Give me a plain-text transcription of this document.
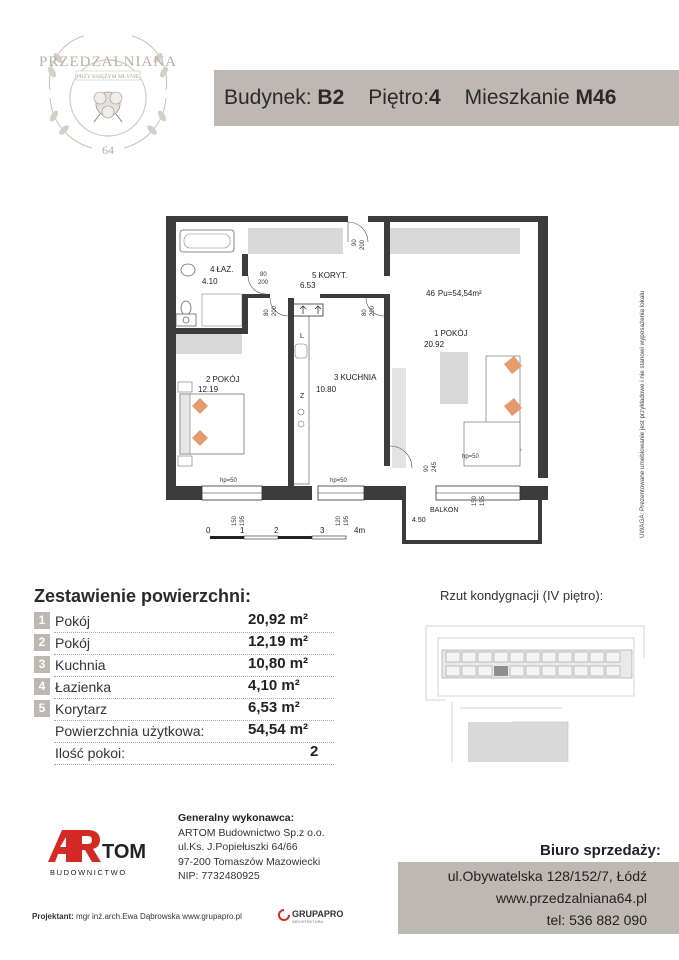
PRZEDZALNIANA
PRZY KSIĘŻYM MŁYNIE
64
Budynek: B2 Piętro:4 Mieszkanie M46
4 ŁAZ.
4.10
5 KORYT.
6.53
2 POKÓJ
12.19
3 KUCHNIA
10.80
1 POKÓJ
20.92
46 Pu=54,54m²
BALKON
4.50
L
Z
90 200
80
200
80 200	80 200
90 245
hp=50	hp=50
hp=50
150 195	120 195
150 195
0	1	2	3	4m	UWAGA: Prezentowane umeblowanie jest przykładowe i nie stanowi wyposażenia lokalu
Zestawienie powierzchni:
1 Pokój	20,92 m²
2 Pokój	12,19 m²
3 Kuchnia	10,80 m²
4 Łazienka	4,10 m²
5 Korytarz	6,53 m²
Powierzchnia użytkowa:	54,54 m²
Ilość pokoi:	2
Rzut kondygnacji (IV piętro):
TOM
BUDOWNICTWO
Generalny wykonawca:
ARTOM Budownictwo Sp.z o.o.
ul.Ks. J.Popiełuszki 64/66
97-200 Tomaszów Mazowiecki
NIP: 7732480925
Biuro sprzedaży:
ul.Obywatelska 128/152/7, Łódź
www.przedzalniana64.pl
tel: 536 882 090
Projektant: mgr inż.arch.Ewa Dąbrowska www.grupapro.pl	GRUPAPRO
ARCHITEKTURA
